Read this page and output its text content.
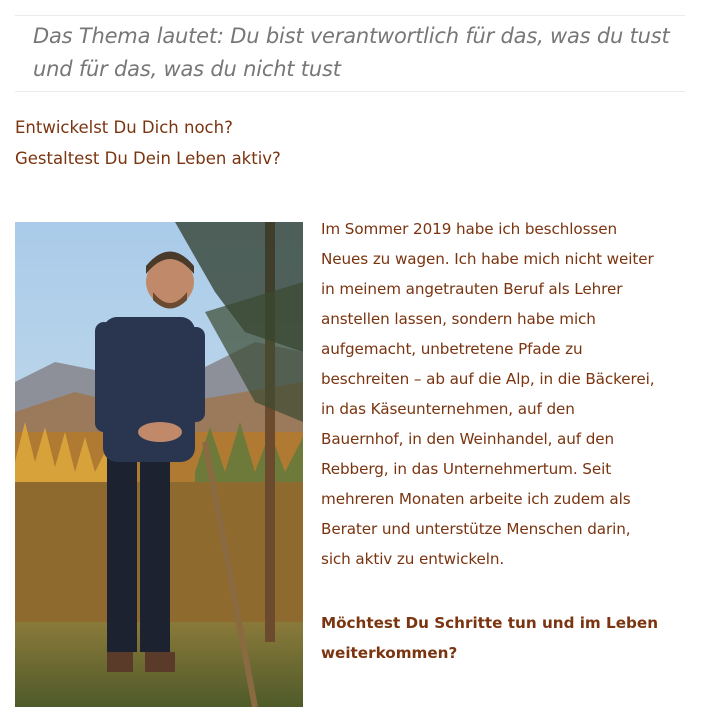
Das Thema lautet: Du bist verantwortlich für das, was du tust und für das, was du nicht tust
Entwickelst Du Dich noch?
Gestaltest Du Dein Leben aktiv?
Im Sommer 2019 habe ich beschlossen
Neues zu wagen. Ich habe mich nicht weiter
in meinem angetrauten Beruf als Lehrer
anstellen lassen, sondern habe mich
aufgemacht, unbetretene Pfade zu
beschreiten – ab auf die Alp, in die Bäckerei,
in das Käseunternehmen, auf den
Bauernhof, in den Weinhandel, auf den
Rebberg, in das Unternehmertum. Seit
mehreren Monaten arbeite ich zudem als
Berater und unterstütze Menschen darin,
sich aktiv zu entwickeln.
Möchtest Du Schritte tun und im Leben
weiterkommen?
